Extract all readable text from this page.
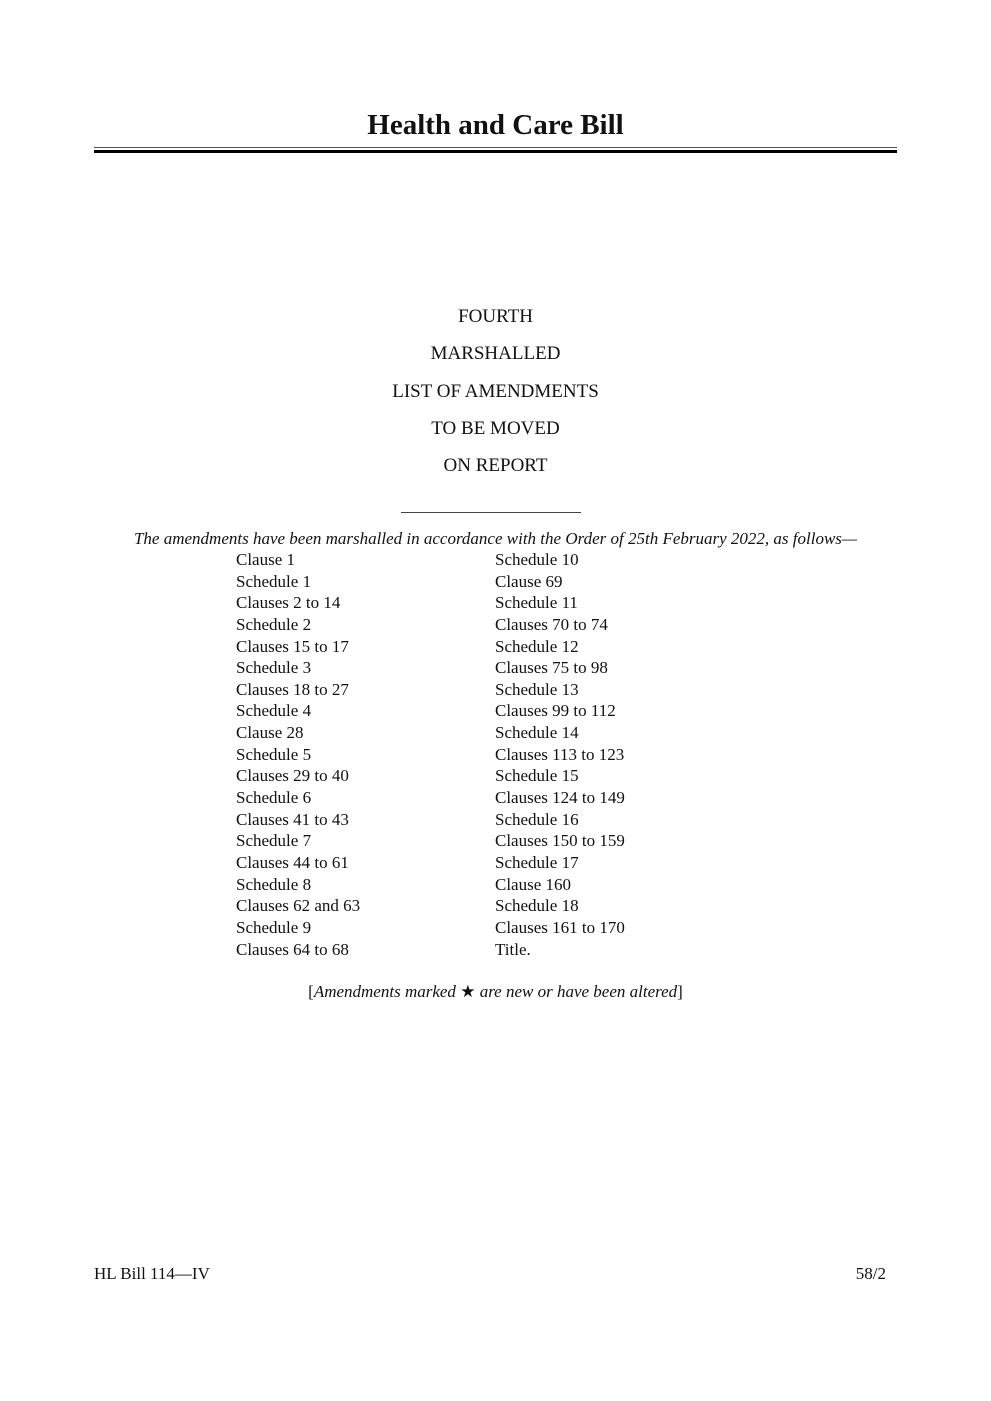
Health and Care Bill
FOURTH
MARSHALLED
LIST OF AMENDMENTS
TO BE MOVED
ON REPORT
The amendments have been marshalled in accordance with the Order of 25th February 2022, as follows—
Clause 1
Schedule 1
Clauses 2 to 14
Schedule 2
Clauses 15 to 17
Schedule 3
Clauses 18 to 27
Schedule 4
Clause 28
Schedule 5
Clauses 29 to 40
Schedule 6
Clauses 41 to 43
Schedule 7
Clauses 44 to 61
Schedule 8
Clauses 62 and 63
Schedule 9
Clauses 64 to 68
Schedule 10
Clause 69
Schedule 11
Clauses 70 to 74
Schedule 12
Clauses 75 to 98
Schedule 13
Clauses 99 to 112
Schedule 14
Clauses 113 to 123
Schedule 15
Clauses 124 to 149
Schedule 16
Clauses 150 to 159
Schedule 17
Clause 160
Schedule 18
Clauses 161 to 170
Title.
[Amendments marked ★ are new or have been altered]
HL Bill 114—IV	58/2
